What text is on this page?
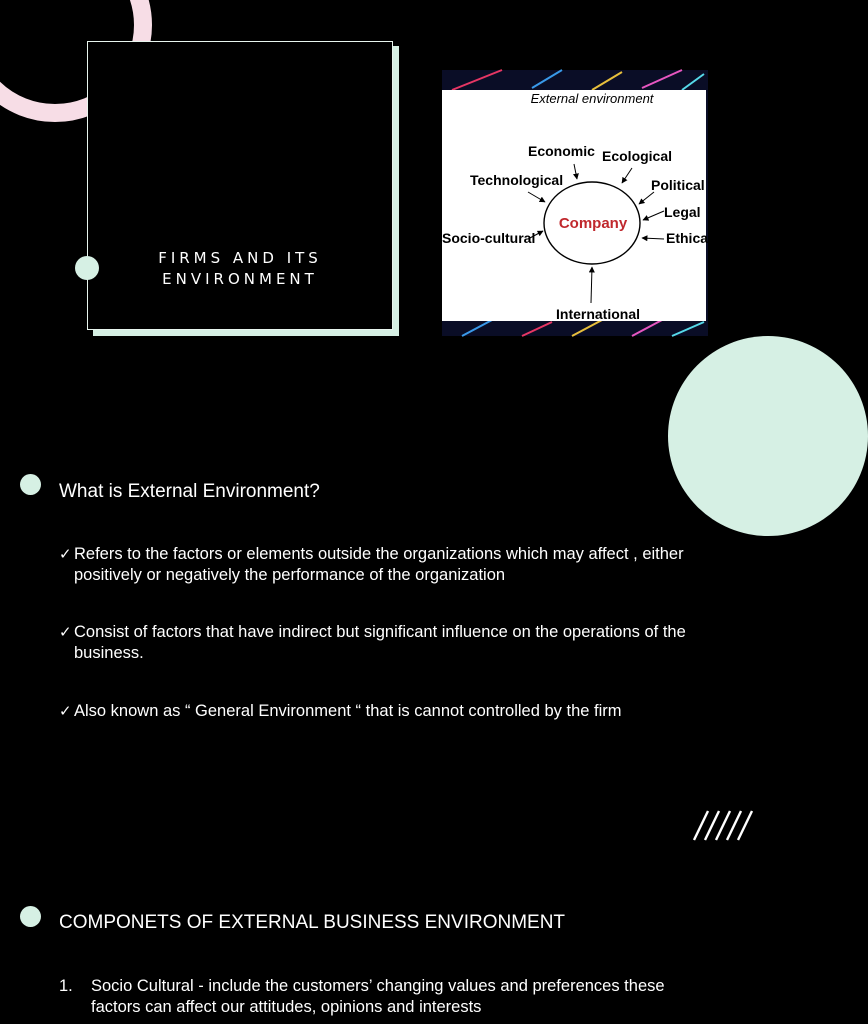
FIRMS AND ITS
ENVIRONMENT
External environment
Company
Economic Ecological
Technological	Political
Legal
Ethical
Socio-cultural
International
What is External Environment?
✓ Refers to the factors or elements outside the organizations which may affect , either positively or negatively the performance of the organization
✓ Consist of factors that have indirect but significant influence on the operations of the business.
✓ Also known as “ General Environment “ that is cannot controlled by the firm
COMPONETS OF EXTERNAL BUSINESS ENVIRONMENT
1. Socio Cultural - include the customers’ changing values and preferences these factors can affect our attitudes, opinions and interests
